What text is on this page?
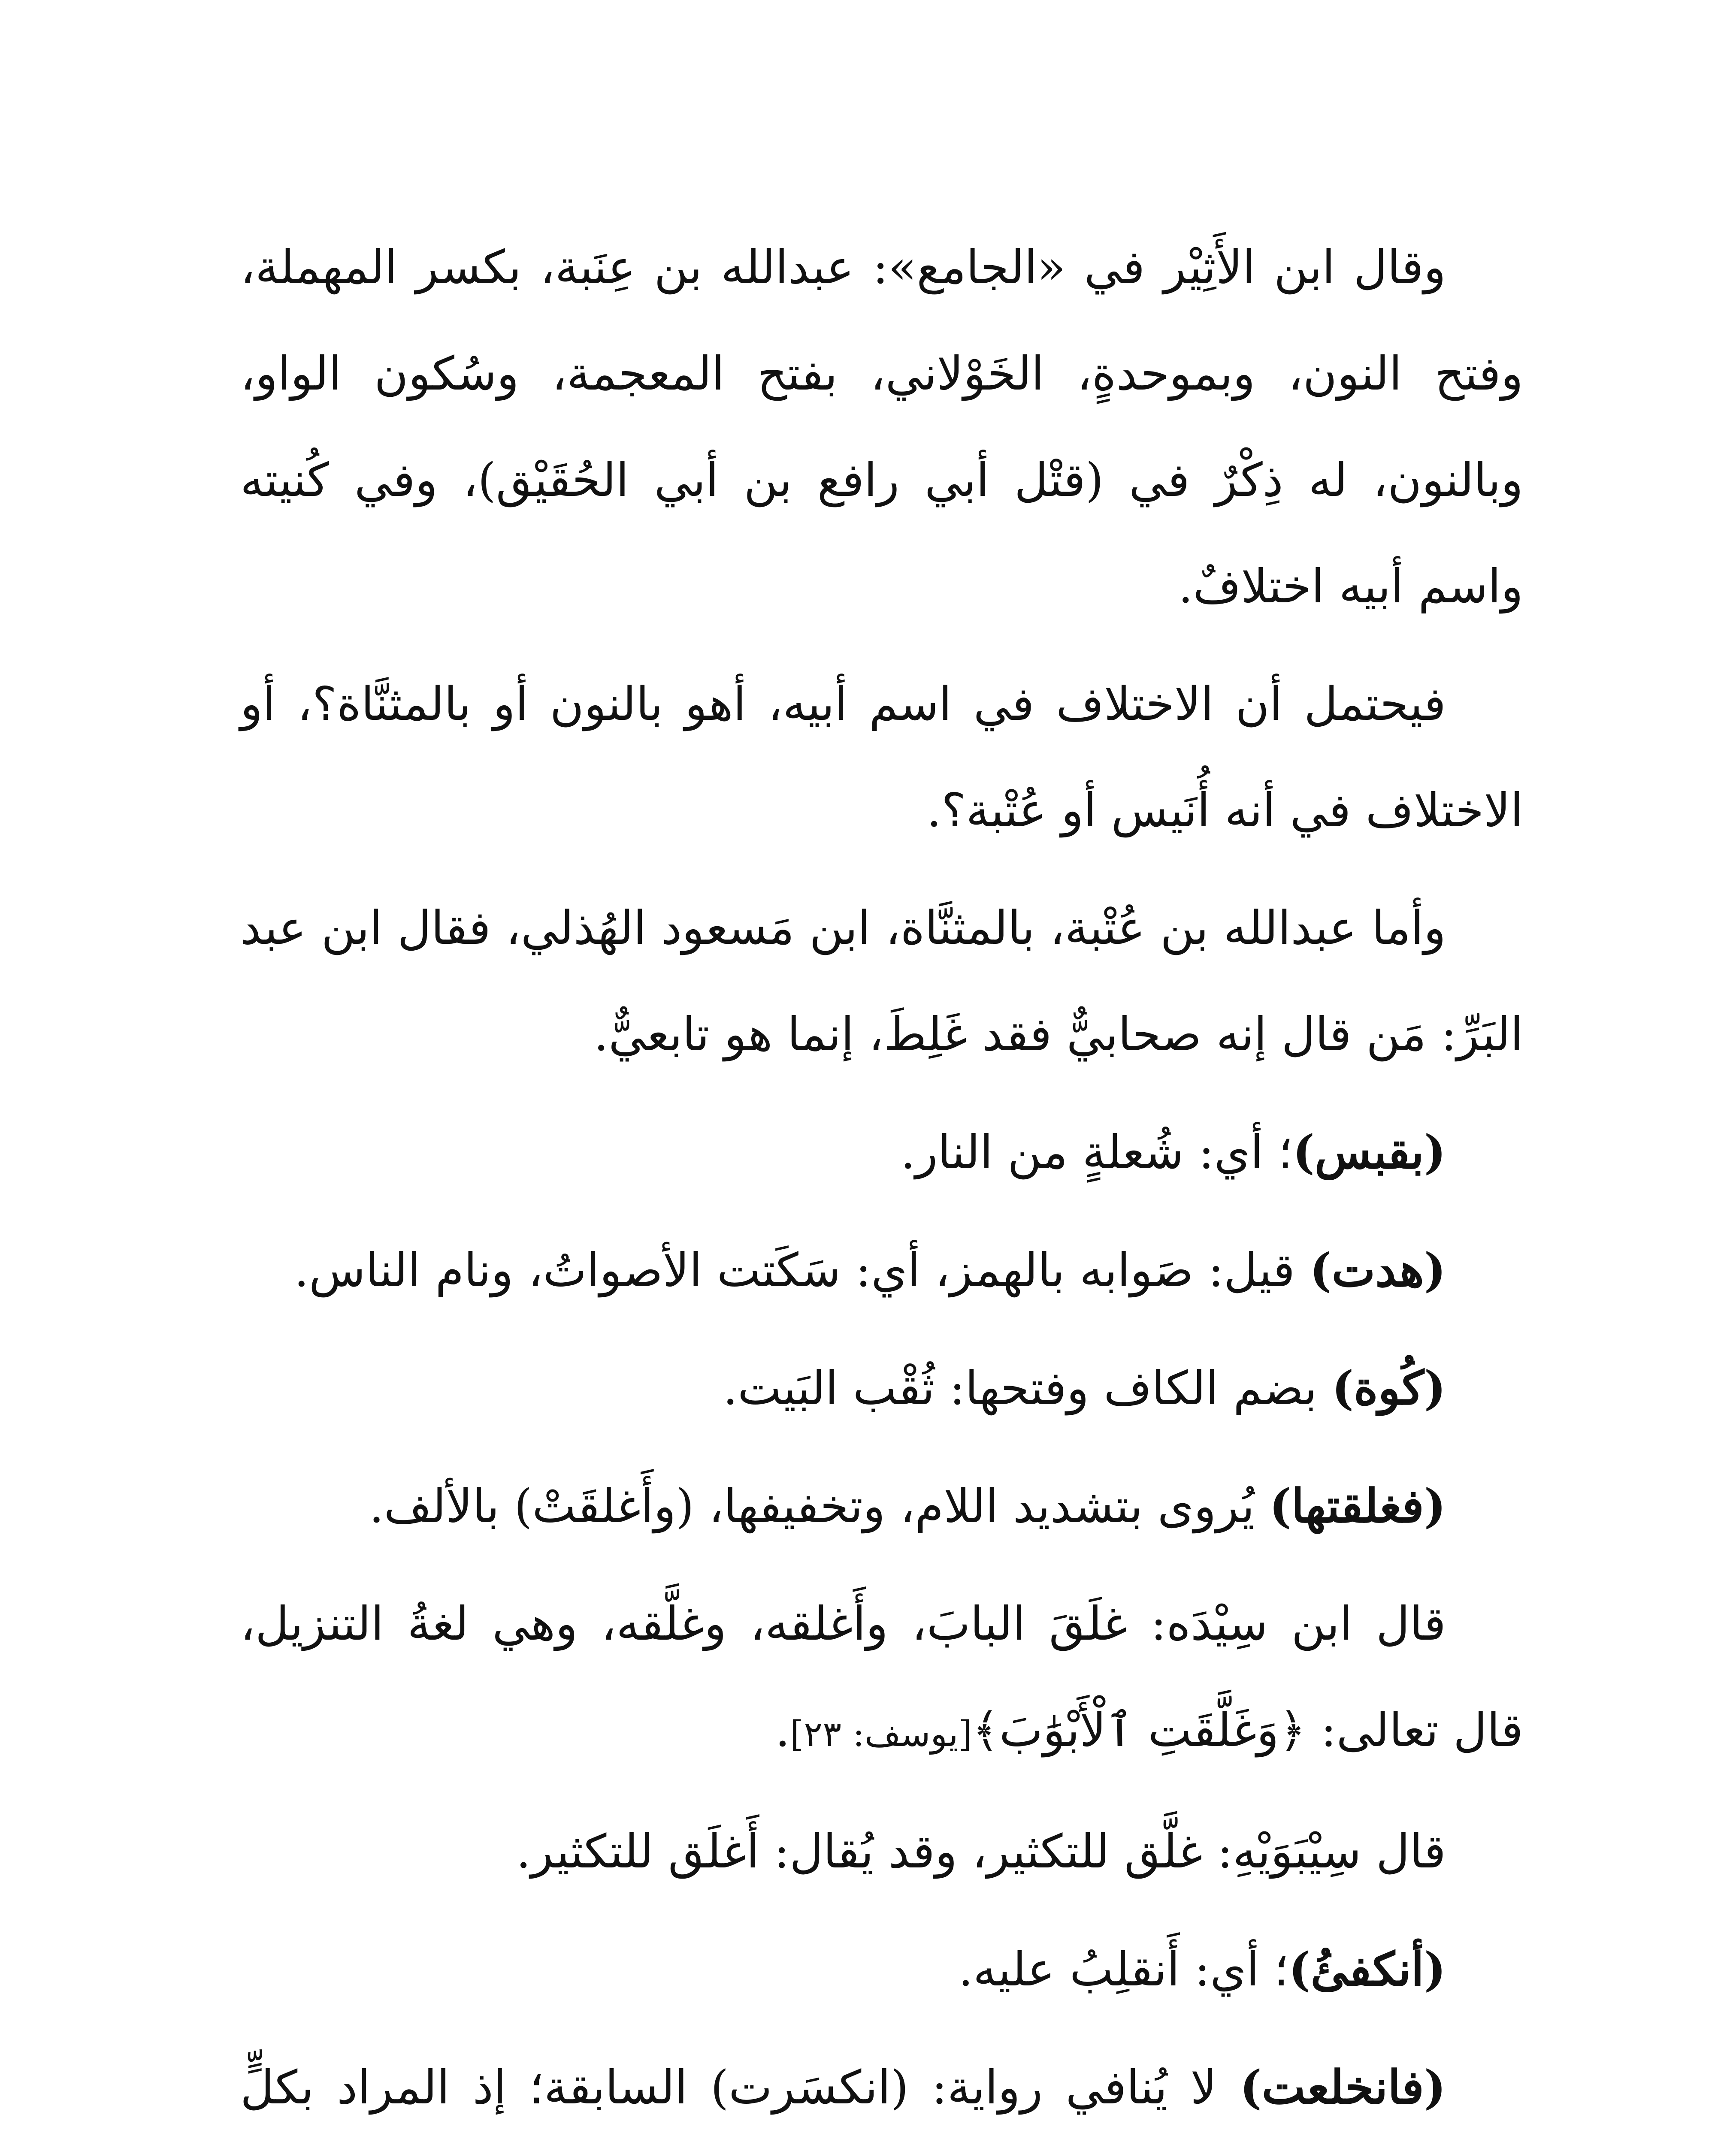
وقال ابن الأَثِيْر في «الجامع»: عبدالله بن عِنَبة، بكسر المهملة، وفتح النون، وبموحدةٍ، الخَوْلاني، بفتح المعجمة، وسُكون الواو، وبالنون، له ذِكْرٌ في (قتْل أبي رافع بن أبي الحُقَيْق)، وفي كُنيته واسم أبيه اختلافٌ.

فيحتمل أن الاختلاف في اسم أبيه، أهو بالنون أو بالمثنَّاة؟، أو الاختلاف في أنه أُنَيس أو عُتْبة؟.

وأما عبدالله بن عُتْبة، بالمثنَّاة، ابن مَسعود الهُذلي، فقال ابن عبد البَرِّ: مَن قال إنه صحابيٌّ فقد غَلِطَ، إنما هو تابعيٌّ.

(بقبس)؛ أي: شُعلةٍ من النار.

(هدت) قيل: صَوابه بالهمز، أي: سَكَتت الأصواتُ، ونام الناس.

(كُوة) بضم الكاف وفتحها: ثُقْب البَيت.

(فغلقتها) يُروى بتشديد اللام، وتخفيفها، (وأَغلقَتْ) بالألف.

قال ابن سِيْدَه: غلَقَ البابَ، وأَغلقه، وغلَّقه، وهي لغةُ التنزيل، قال تعالى: ﴿وَغَلَّقَتِ ٱلْأَبْوَٰبَ﴾[يوسف: ٢٣].

قال سِيْبَوَيْهِ: غلَّق للتكثير، وقد يُقال: أَغلَق للتكثير.

(أنكفئُ)؛ أي: أَنقلِبُ عليه.

(فانخلعت) لا يُنافي رواية: (انكسَرت) السابقة؛ إذ المراد بكلٍّ
